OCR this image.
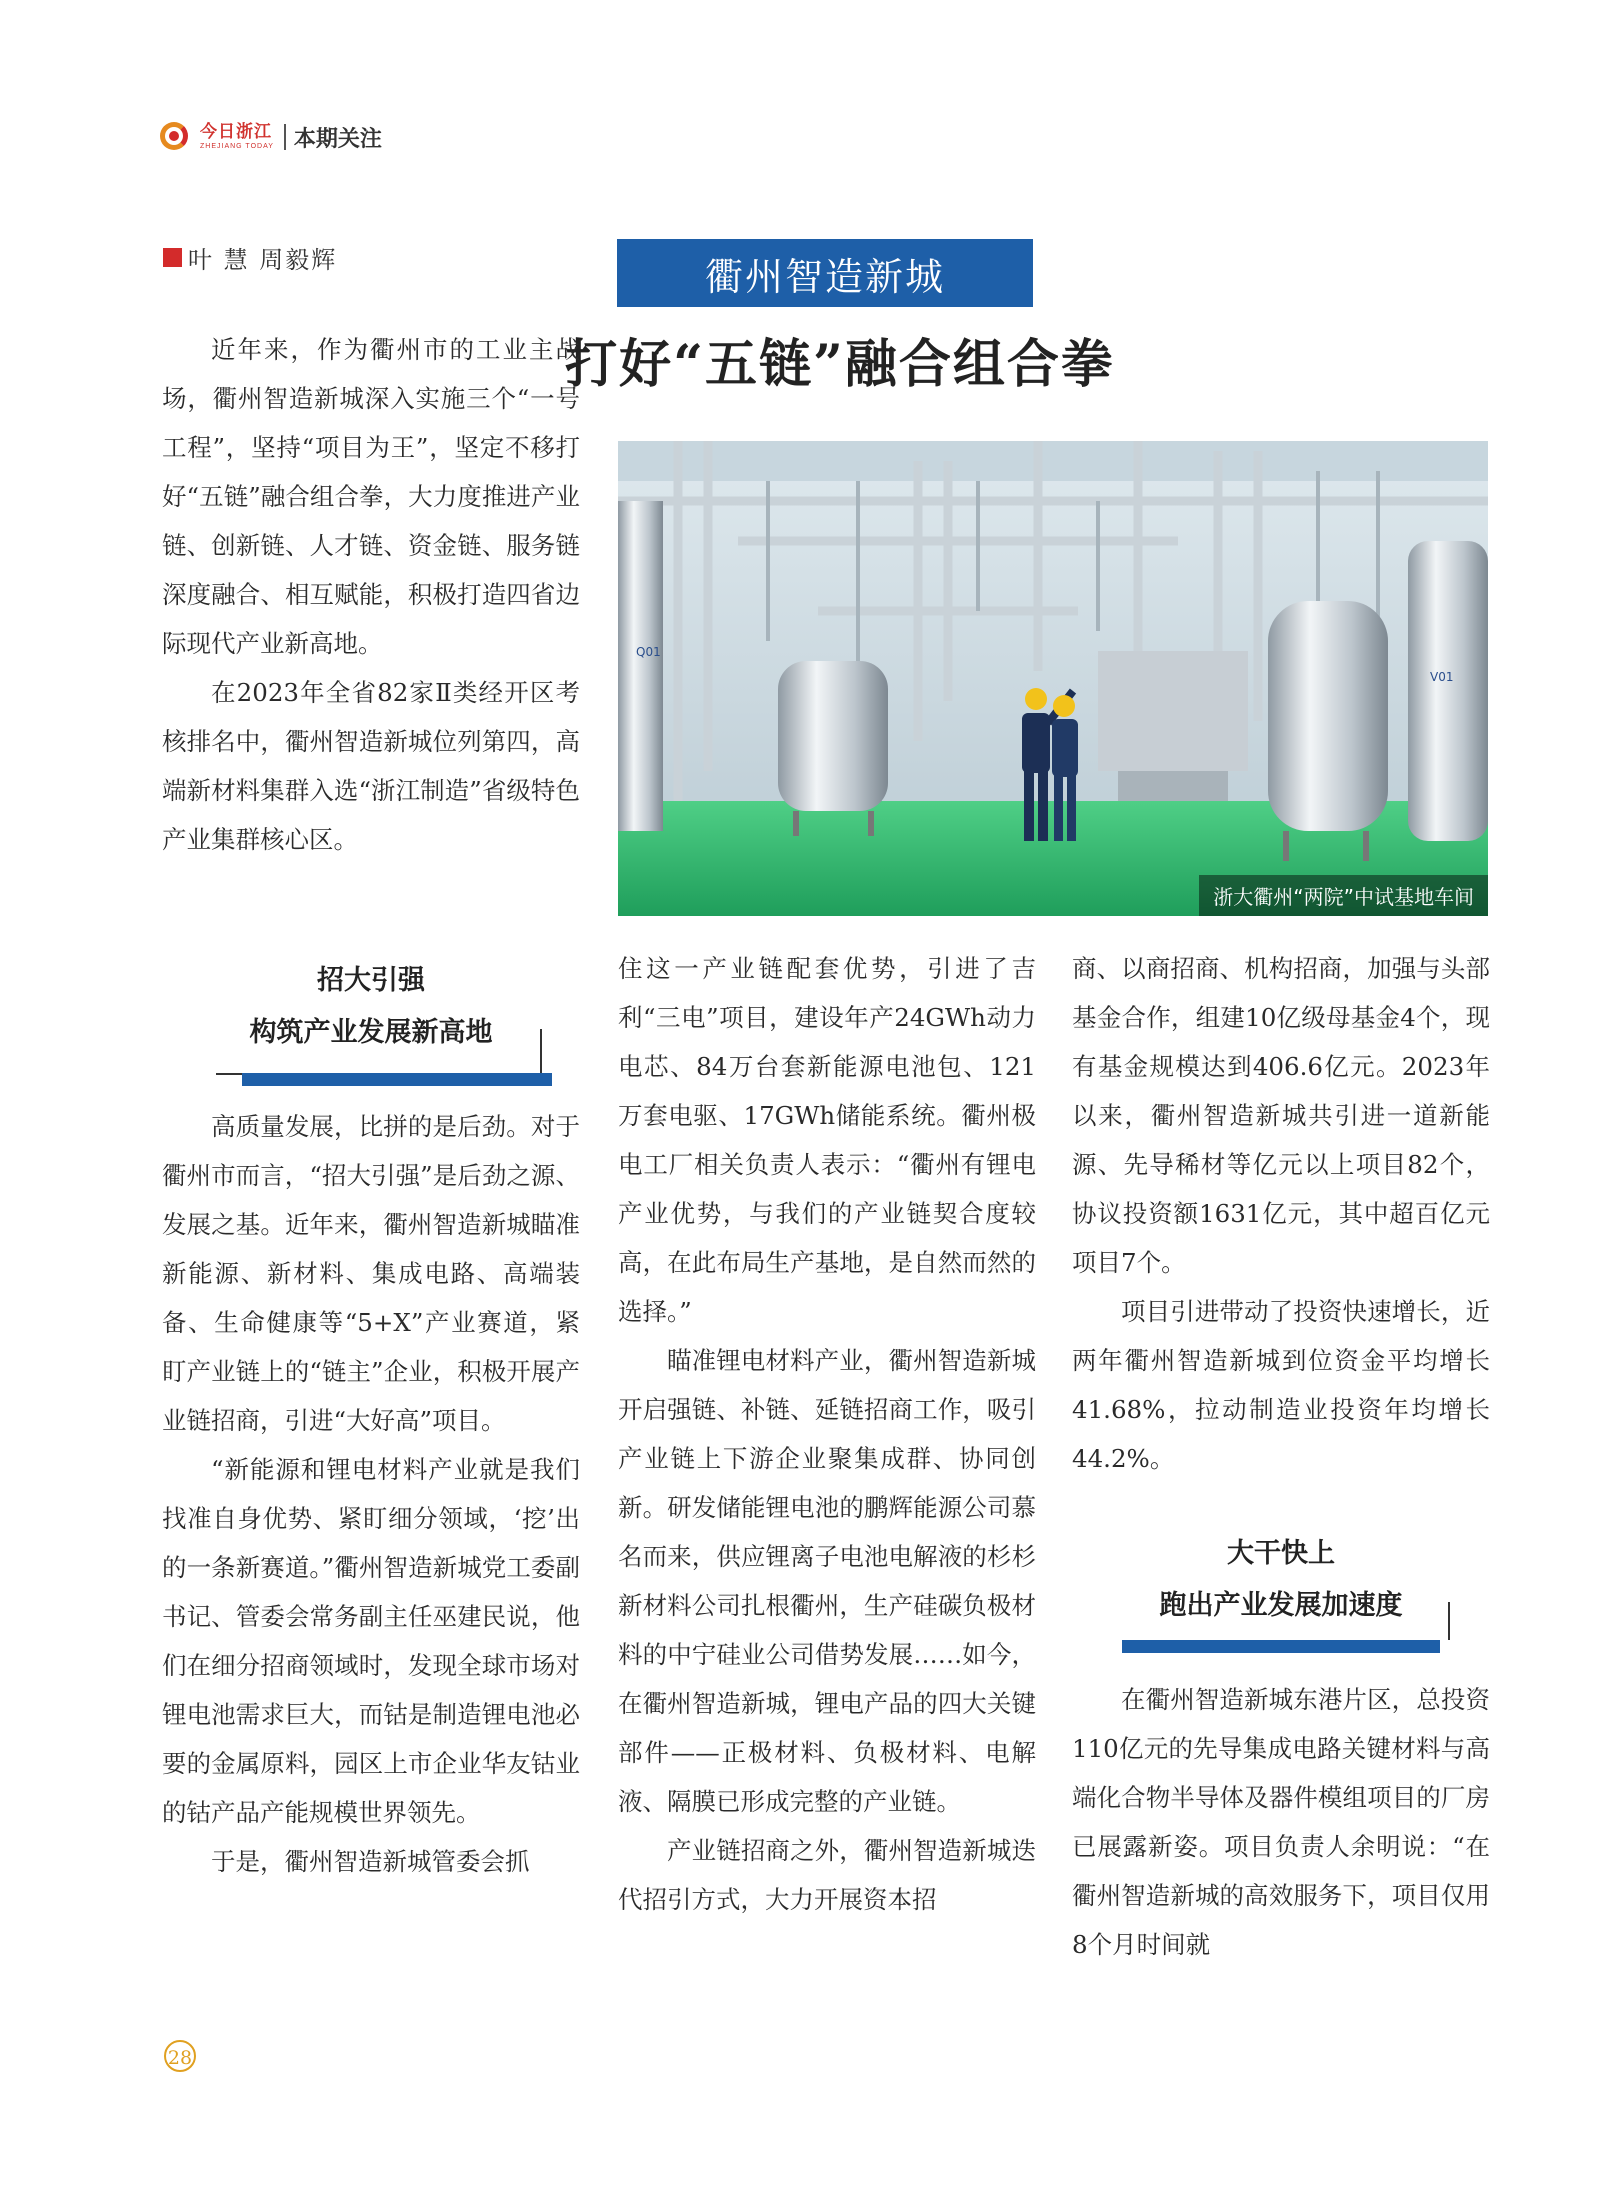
今日浙江
ZHEJIANG TODAY 本期关注
叶 慧 周毅辉	衢州智造新城
打好“五链”融合组合拳
Q01
V01
浙大衢州“两院”中试基地车间

近年来，作为衢州市的工业主战场，衢州智造新城深入实施三个“一号工程”，坚持“项目为王”，坚定不移打好“五链”融合组合拳，大力度推进产业链、创新链、人才链、资金链、服务链深度融合、相互赋能，积极打造四省边际现代产业新高地。

在2023年全省82家Ⅱ类经开区考核排名中，衢州智造新城位列第四，高端新材料集群入选“浙江制造”省级特色产业集群核心区。

招大引强
构筑产业发展新高地

高质量发展，比拼的是后劲。对于衢州市而言，“招大引强”是后劲之源、发展之基。近年来，衢州智造新城瞄准新能源、新材料、集成电路、高端装备、生命健康等“5+X”产业赛道，紧盯产业链上的“链主”企业，积极开展产业链招商，引进“大好高”项目。

“新能源和锂电材料产业就是我们找准自身优势、紧盯细分领域，‘挖’出的一条新赛道。”衢州智造新城党工委副书记、管委会常务副主任巫建民说，他们在细分招商领域时，发现全球市场对锂电池需求巨大，而钴是制造锂电池必要的金属原料，园区上市企业华友钴业的钴产品产能规模世界领先。

于是，衢州智造新城管委会抓

住这一产业链配套优势，引进了吉利“三电”项目，建设年产24GWh动力电芯、84万台套新能源电池包、121万套电驱、17GWh储能系统。衢州极电工厂相关负责人表示：“衢州有锂电产业优势，与我们的产业链契合度较高，在此布局生产基地，是自然而然的选择。”

瞄准锂电材料产业，衢州智造新城开启强链、补链、延链招商工作，吸引产业链上下游企业聚集成群、协同创新。研发储能锂电池的鹏辉能源公司慕名而来，供应锂离子电池电解液的杉杉新材料公司扎根衢州，生产硅碳负极材料的中宁硅业公司借势发展……如今，在衢州智造新城，锂电产品的四大关键部件——正极材料、负极材料、电解液、隔膜已形成完整的产业链。

产业链招商之外，衢州智造新城迭代招引方式，大力开展资本招

商、以商招商、机构招商，加强与头部基金合作，组建10亿级母基金4个，现有基金规模达到406.6亿元。2023年以来，衢州智造新城共引进一道新能源、先导稀材等亿元以上项目82个，协议投资额1631亿元，其中超百亿元项目7个。

项目引进带动了投资快速增长，近两年衢州智造新城到位资金平均增长41.68%，拉动制造业投资年均增长44.2%。

大干快上
跑出产业发展加速度

在衢州智造新城东港片区，总投资110亿元的先导集成电路关键材料与高端化合物半导体及器件模组项目的厂房已展露新姿。项目负责人余明说：“在衢州智造新城的高效服务下，项目仅用8个月时间就

28
